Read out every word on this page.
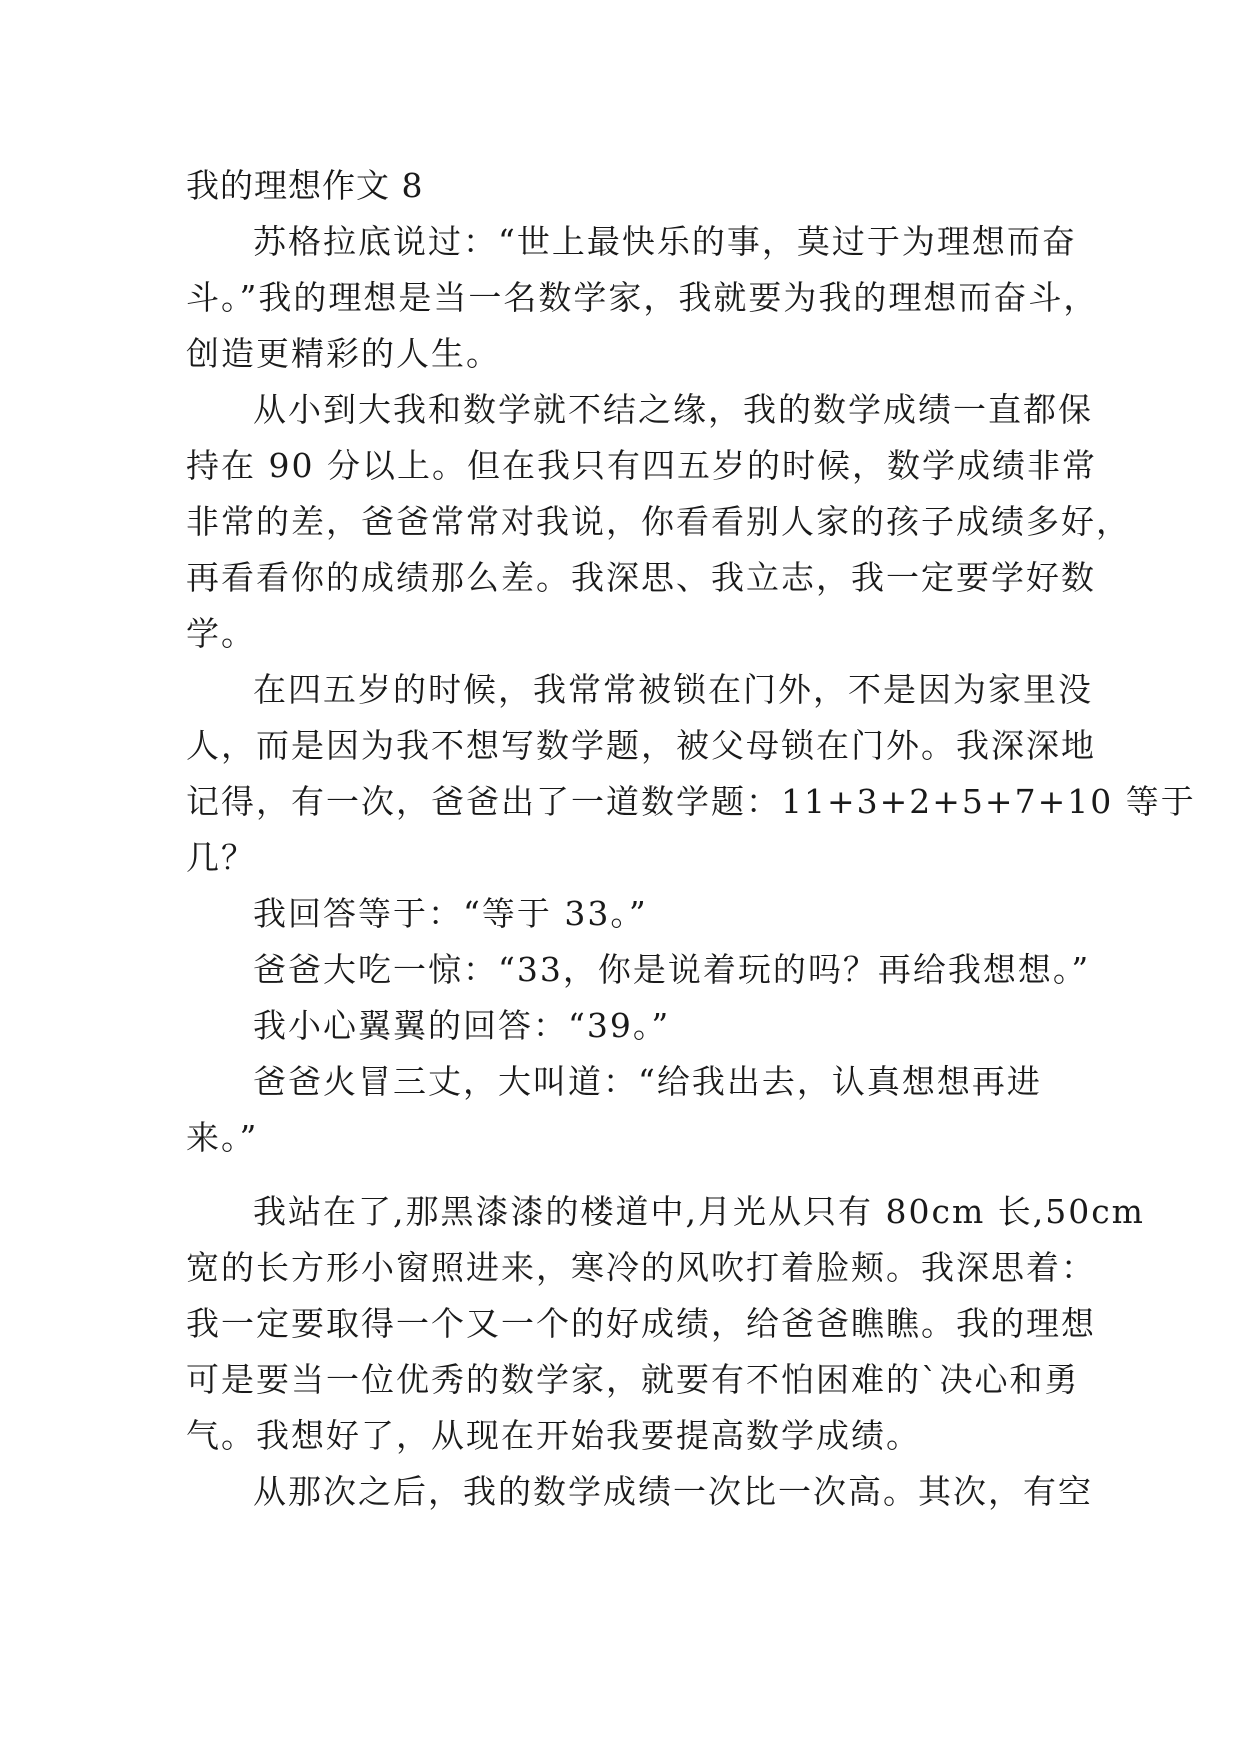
我的理想作文 8
苏格拉底说过：“世上最快乐的事，莫过于为理想而奋
斗。”我的理想是当一名数学家，我就要为我的理想而奋斗，
创造更精彩的人生。
从小到大我和数学就不结之缘，我的数学成绩一直都保
持在 90 分以上。但在我只有四五岁的时候，数学成绩非常
非常的差，爸爸常常对我说，你看看别人家的孩子成绩多好，
再看看你的成绩那么差。我深思、我立志，我一定要学好数
学。
在四五岁的时候，我常常被锁在门外，不是因为家里没
人，而是因为我不想写数学题，被父母锁在门外。我深深地
记得，有一次，爸爸出了一道数学题：11+3+2+5+7+10 等于
几？
我回答等于：“等于 33。”
爸爸大吃一惊：“33，你是说着玩的吗？再给我想想。”
我小心翼翼的回答：“39。”
爸爸火冒三丈，大叫道：“给我出去，认真想想再进
来。”
我站在了,那黑漆漆的楼道中,月光从只有 80cm 长,50cm
宽的长方形小窗照进来，寒冷的风吹打着脸颊。我深思着：
我一定要取得一个又一个的好成绩，给爸爸瞧瞧。我的理想
可是要当一位优秀的数学家，就要有不怕困难的`决心和勇
气。我想好了，从现在开始我要提高数学成绩。
从那次之后，我的数学成绩一次比一次高。其次，有空
